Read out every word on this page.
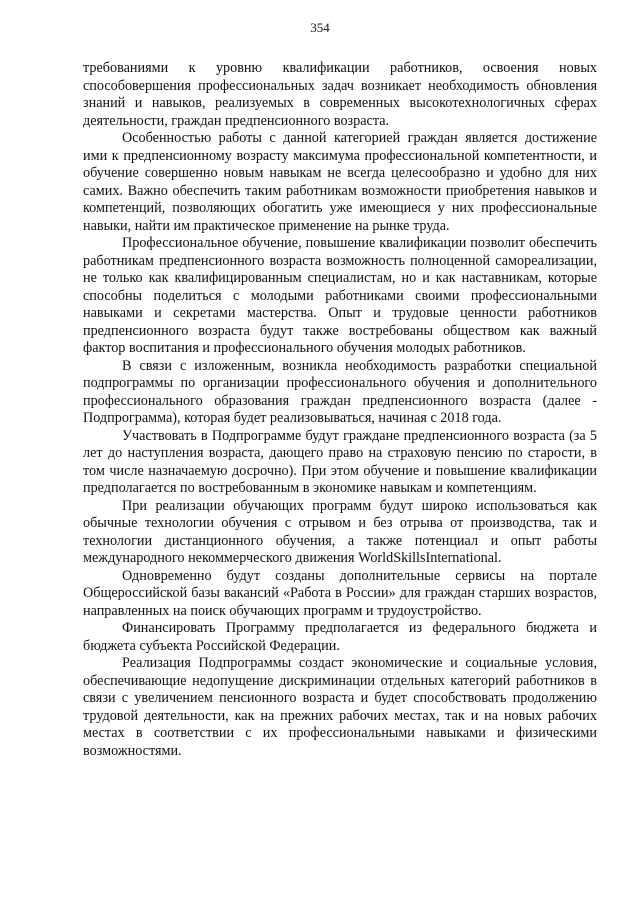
354

требованиями к уровню квалификации работников, освоения новых способовершения профессиональных задач возникает необходимость обновления знаний и навыков, реализуемых в современных высокотехнологичных сферах деятельности, граждан предпенсионного возраста.

Особенностью работы с данной категорией граждан является достижение ими к предпенсионному возрасту максимума профессиональной компетентности, и обучение совершенно новым навыкам не всегда целесообразно и удобно для них самих. Важно обеспечить таким работникам возможности приобретения навыков и компетенций, позволяющих обогатить уже имеющиеся у них профессиональные навыки, найти им практическое применение на рынке труда.

Профессиональное обучение, повышение квалификации позволит обеспечить работникам предпенсионного возраста возможность полноценной самореализации, не только как квалифицированным специалистам, но и как наставникам, которые способны поделиться с молодыми работниками своими профессиональными навыками и секретами мастерства. Опыт и трудовые ценности работников предпенсионного возраста будут также востребованы обществом как важный фактор воспитания и профессионального обучения молодых работников.

В связи с изложенным, возникла необходимость разработки специальной подпрограммы по организации профессионального обучения и дополнительного профессионального образования граждан предпенсионного возраста (далее - Подпрограмма), которая будет реализовываться, начиная с 2018 года.

Участвовать в Подпрограмме будут граждане предпенсионного возраста (за 5 лет до наступления возраста, дающего право на страховую пенсию по старости, в том числе назначаемую досрочно). При этом обучение и повышение квалификации предполагается по востребованным в экономике навыкам и компетенциям.

При реализации обучающих программ будут широко использоваться как обычные технологии обучения с отрывом и без отрыва от производства, так и технологии дистанционного обучения, а также потенциал и опыт работы международного некоммерческого движения WorldSkillsInternational.

Одновременно будут созданы дополнительные сервисы на портале Общероссийской базы вакансий «Работа в России» для граждан старших возрастов, направленных на поиск обучающих программ и трудоустройство.

Финансировать Программу предполагается из федерального бюджета и бюджета субъекта Российской Федерации.

Реализация Подпрограммы создаст экономические и социальные условия, обеспечивающие недопущение дискриминации отдельных категорий работников в связи с увеличением пенсионного возраста и будет способствовать продолжению трудовой деятельности, как на прежних рабочих местах, так и на новых рабочих местах в соответствии с их профессиональными навыками и физическими возможностями.
